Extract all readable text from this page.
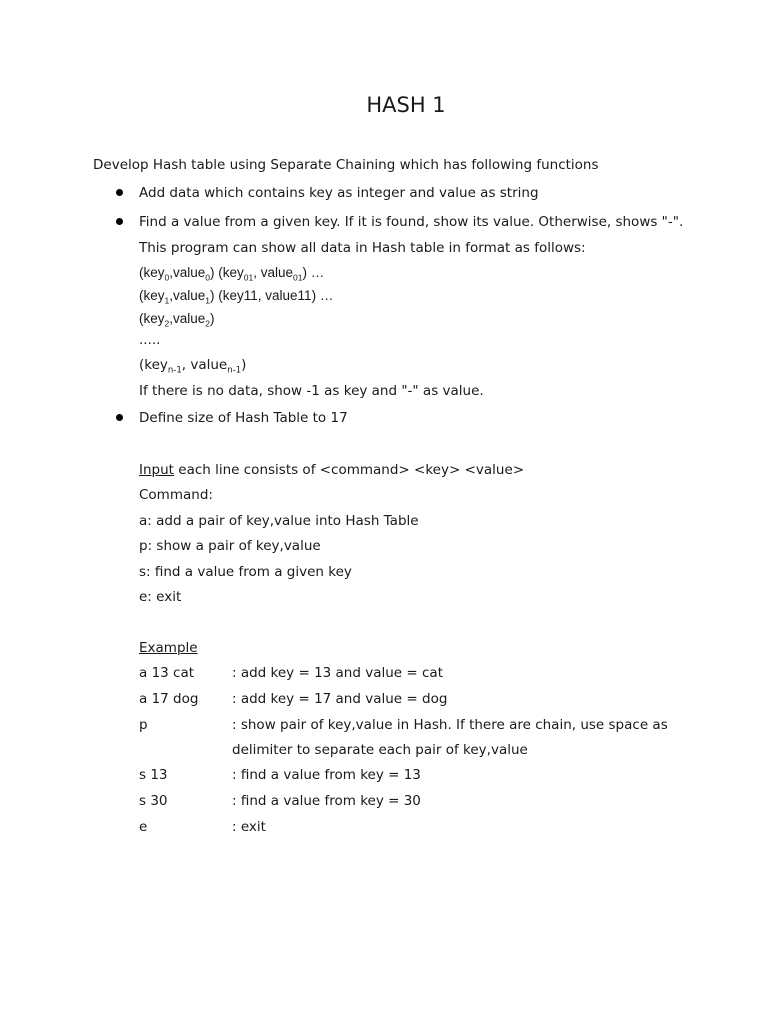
HASH 1
Develop Hash table using Separate Chaining which has following functions
Add data which contains key as integer and value as string
Find a value from a given key. If it is found, show its value. Otherwise, shows "-".
This program can show all data in Hash table in format as follows:
(key$_0$,value$_0$) (key$_{01}$, value$_{01}$) …
(key$_1$,value$_1$) (key11, value11) …
(key$_2$,value$_2$)
.....
(key$_{n-1}$, value$_{n-1}$)
If there is no data, show -1 as key and "-" as value.
Define size of Hash Table to 17
Input each line consists of <command> <key> <value>
Command:
a: add a pair of key,value into Hash Table
p: show a pair of key,value
s: find a value from a given key
e: exit
Example
a 13 cat	: add key = 13 and value = cat
a 17 dog : add key = 17 and value = dog
p	: show pair of key,value in Hash. If there are chain, use space as
delimiter to separate each pair of key,value
s 13	: find a value from key = 13
s 30	: find a value from key = 30
e	: exit
